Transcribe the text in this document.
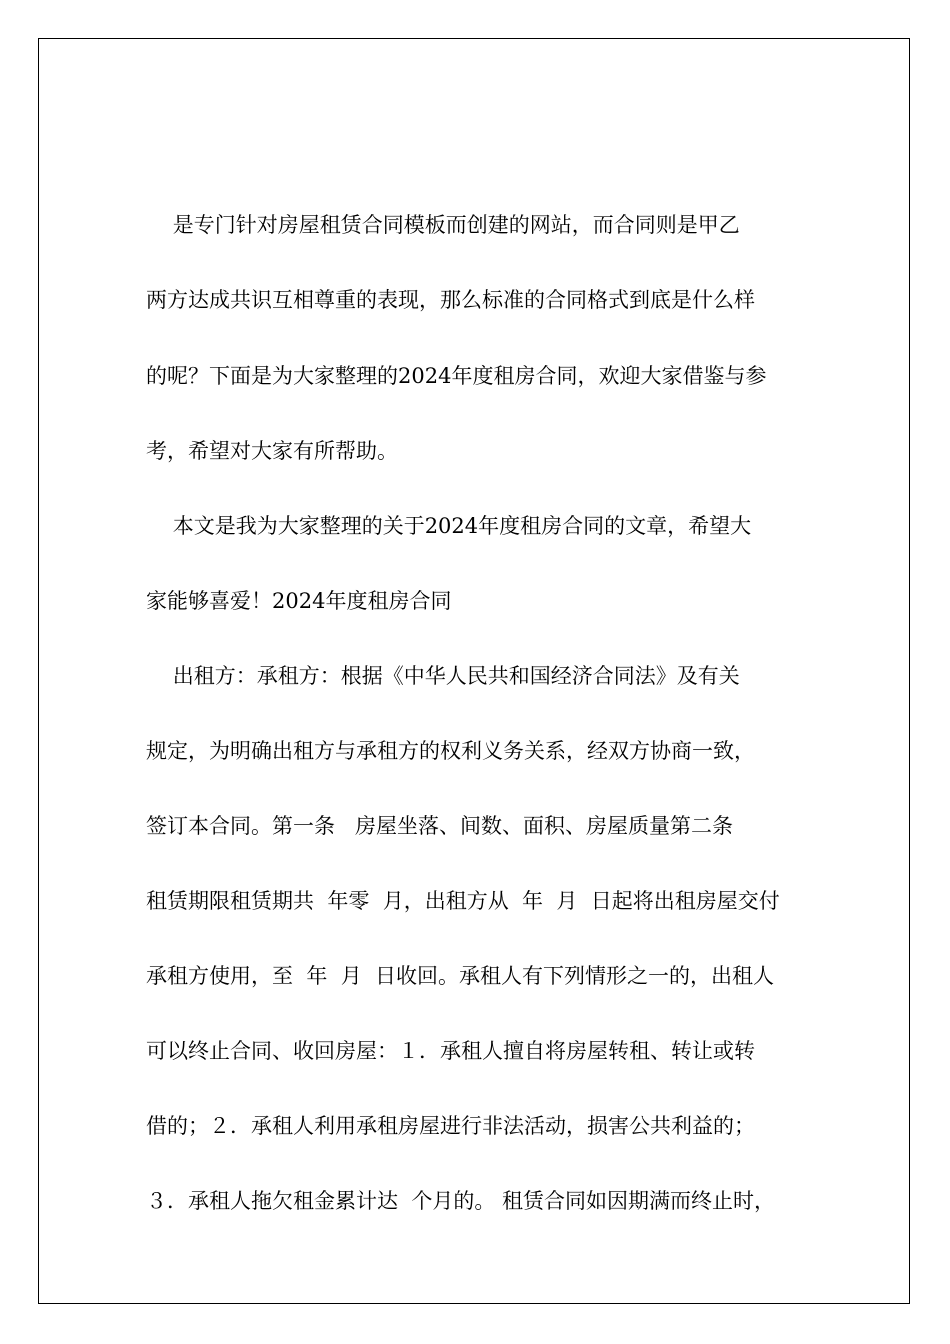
是专门针对房屋租赁合同模板而创建的网站，而合同则是甲乙
两方达成共识互相尊重的表现，那么标准的合同格式到底是什么样
的呢？下面是为大家整理的2024年度租房合同，欢迎大家借鉴与参
考，希望对大家有所帮助。
本文是我为大家整理的关于2024年度租房合同的文章，希望大
家能够喜爱！2024年度租房合同
出租方：承租方：根据《中华人民共和国经济合同法》及有关
规定，为明确出租方与承租方的权利义务关系，经双方协商一致，
签订本合同。第一条   房屋坐落、间数、面积、房屋质量第二条
租赁期限租赁期共  年零  月，出租方从  年  月  日起将出租房屋交付
承租方使用，至  年  月  日收回。承租人有下列情形之一的，出租人
可以终止合同、收回房屋：１．承租人擅自将房屋转租、转让或转
借的；２．承租人利用承租房屋进行非法活动，损害公共利益的；
３．承租人拖欠租金累计达  个月的。 租赁合同如因期满而终止时，
